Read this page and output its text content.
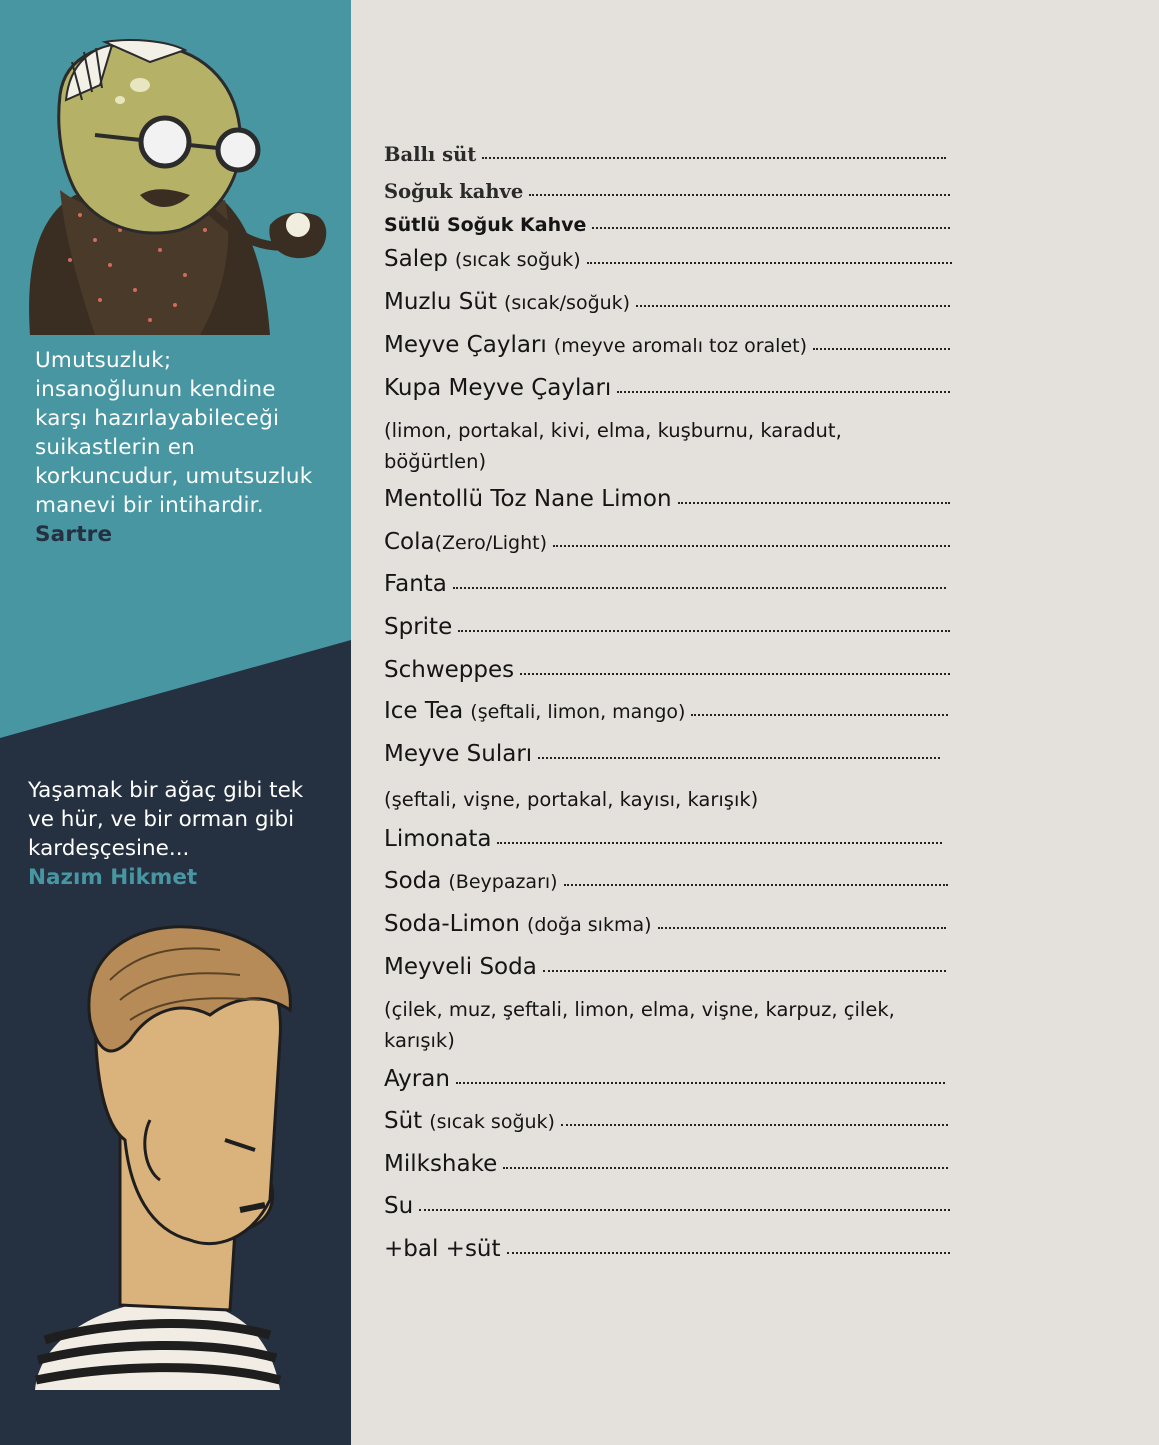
Umutsuzluk;
insanoğlunun kendine
karşı hazırlayabileceği
suikastlerin en
korkuncudur, umutsuzluk
manevi bir intihardir.
Sartre
Yaşamak bir ağaç gibi tek
ve hür, ve bir orman gibi
kardeşçesine...
Nazım Hikmet
Ballı süt
Soğuk kahve
Sütlü Soğuk Kahve
Salep (sıcak soğuk)
Muzlu Süt (sıcak/soğuk)
Meyve Çayları (meyve aromalı toz oralet)
Kupa Meyve Çayları
(limon, portakal, kivi, elma, kuşburnu, karadut,
böğürtlen)
Mentollü Toz Nane Limon
Cola (Zero/Light)
Fanta
Sprite
Schweppes
Ice Tea (şeftali, limon, mango)
Meyve Suları
(şeftali, vişne, portakal, kayısı, karışık)
Limonata
Soda (Beypazarı)
Soda-Limon (doğa sıkma)
Meyveli Soda
(çilek, muz, şeftali, limon, elma, vişne, karpuz, çilek,
karışık)
Ayran
Süt (sıcak soğuk)
Milkshake
Su
+bal +süt
